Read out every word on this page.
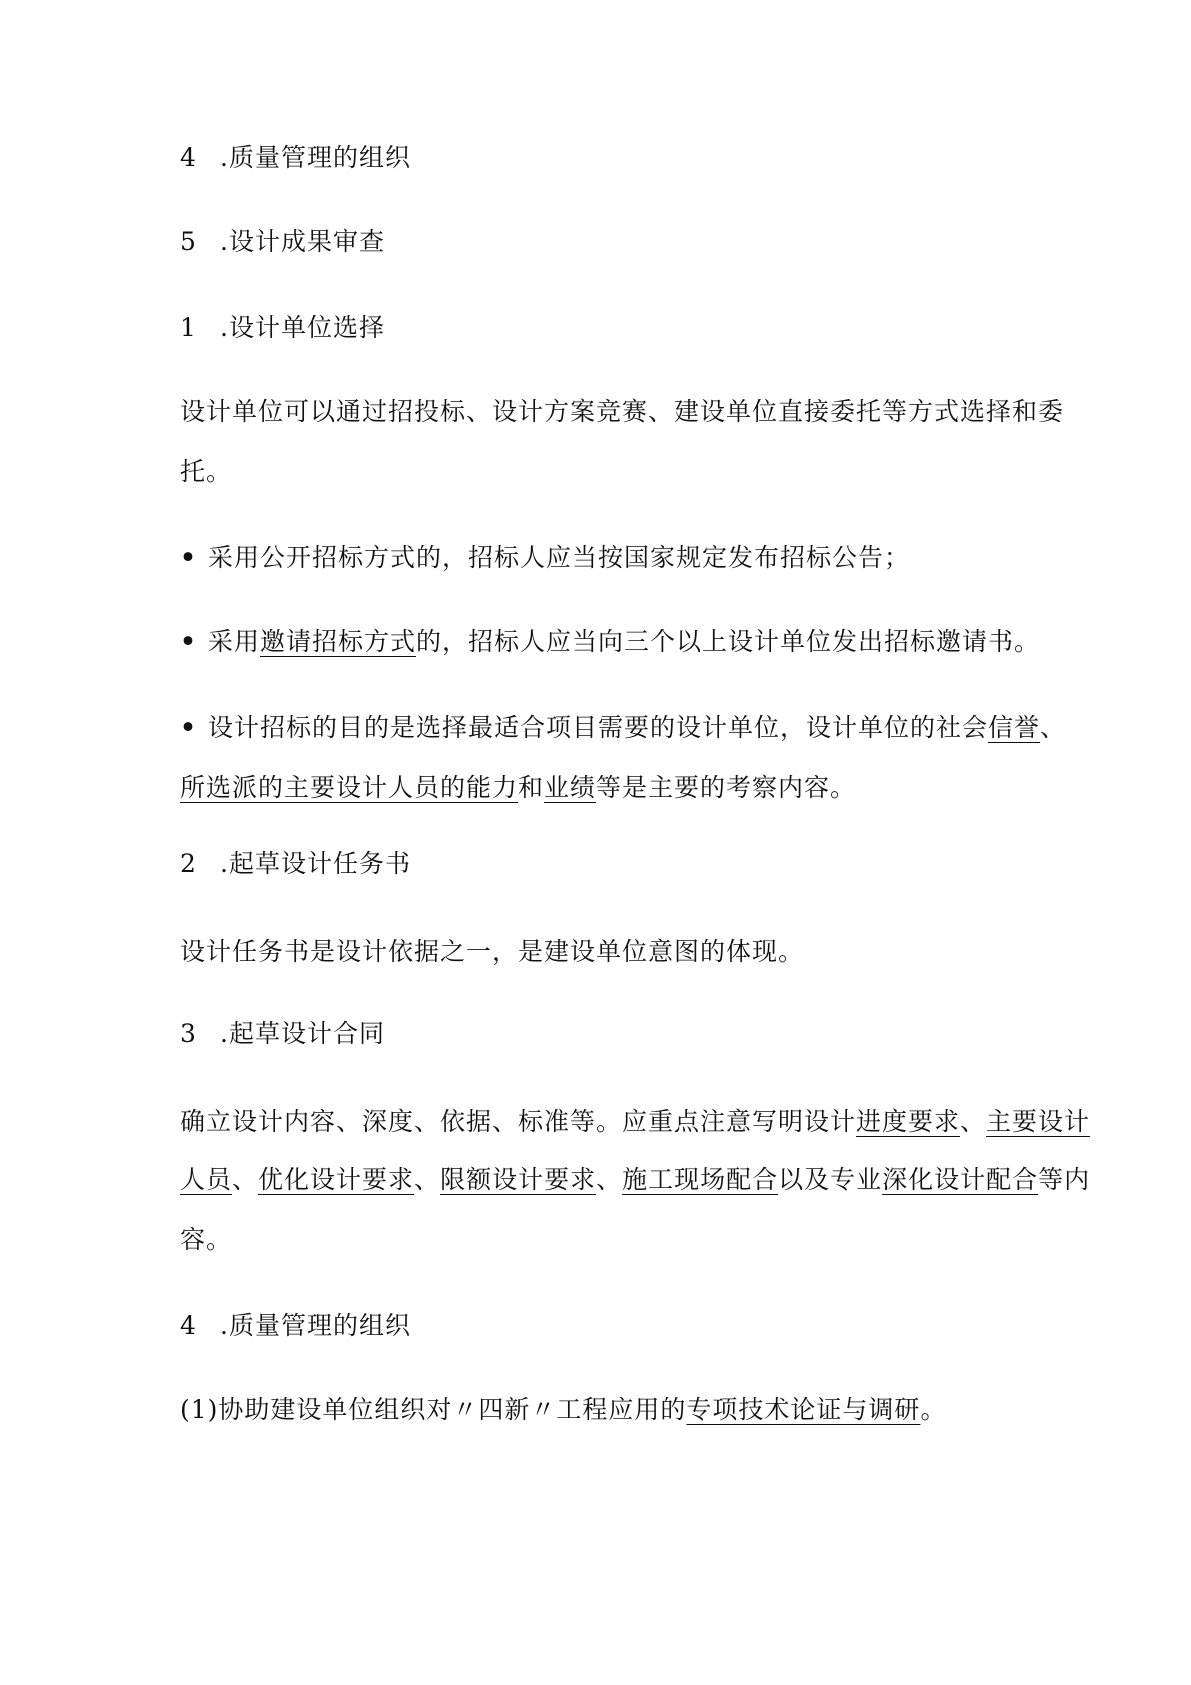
4 .质量管理的组织

5 .设计成果审查

1 .设计单位选择

设计单位可以通过招投标、设计方案竞赛、建设单位直接委托等方式选择和委

托。

• 采用公开招标方式的，招标人应当按国家规定发布招标公告；

• 采用邀请招标方式的，招标人应当向三个以上设计单位发出招标邀请书。

• 设计招标的目的是选择最适合项目需要的设计单位，设计单位的社会信誉、

所选派的主要设计人员的能力和业绩等是主要的考察内容。

2 .起草设计任务书

设计任务书是设计依据之一，是建设单位意图的体现。

3 .起草设计合同

确立设计内容、深度、依据、标准等。应重点注意写明设计进度要求、主要设计

人员、优化设计要求、限额设计要求、施工现场配合以及专业深化设计配合等内

容。

4 .质量管理的组织

(1)协助建设单位组织对〃四新〃工程应用的专项技术论证与调研。
